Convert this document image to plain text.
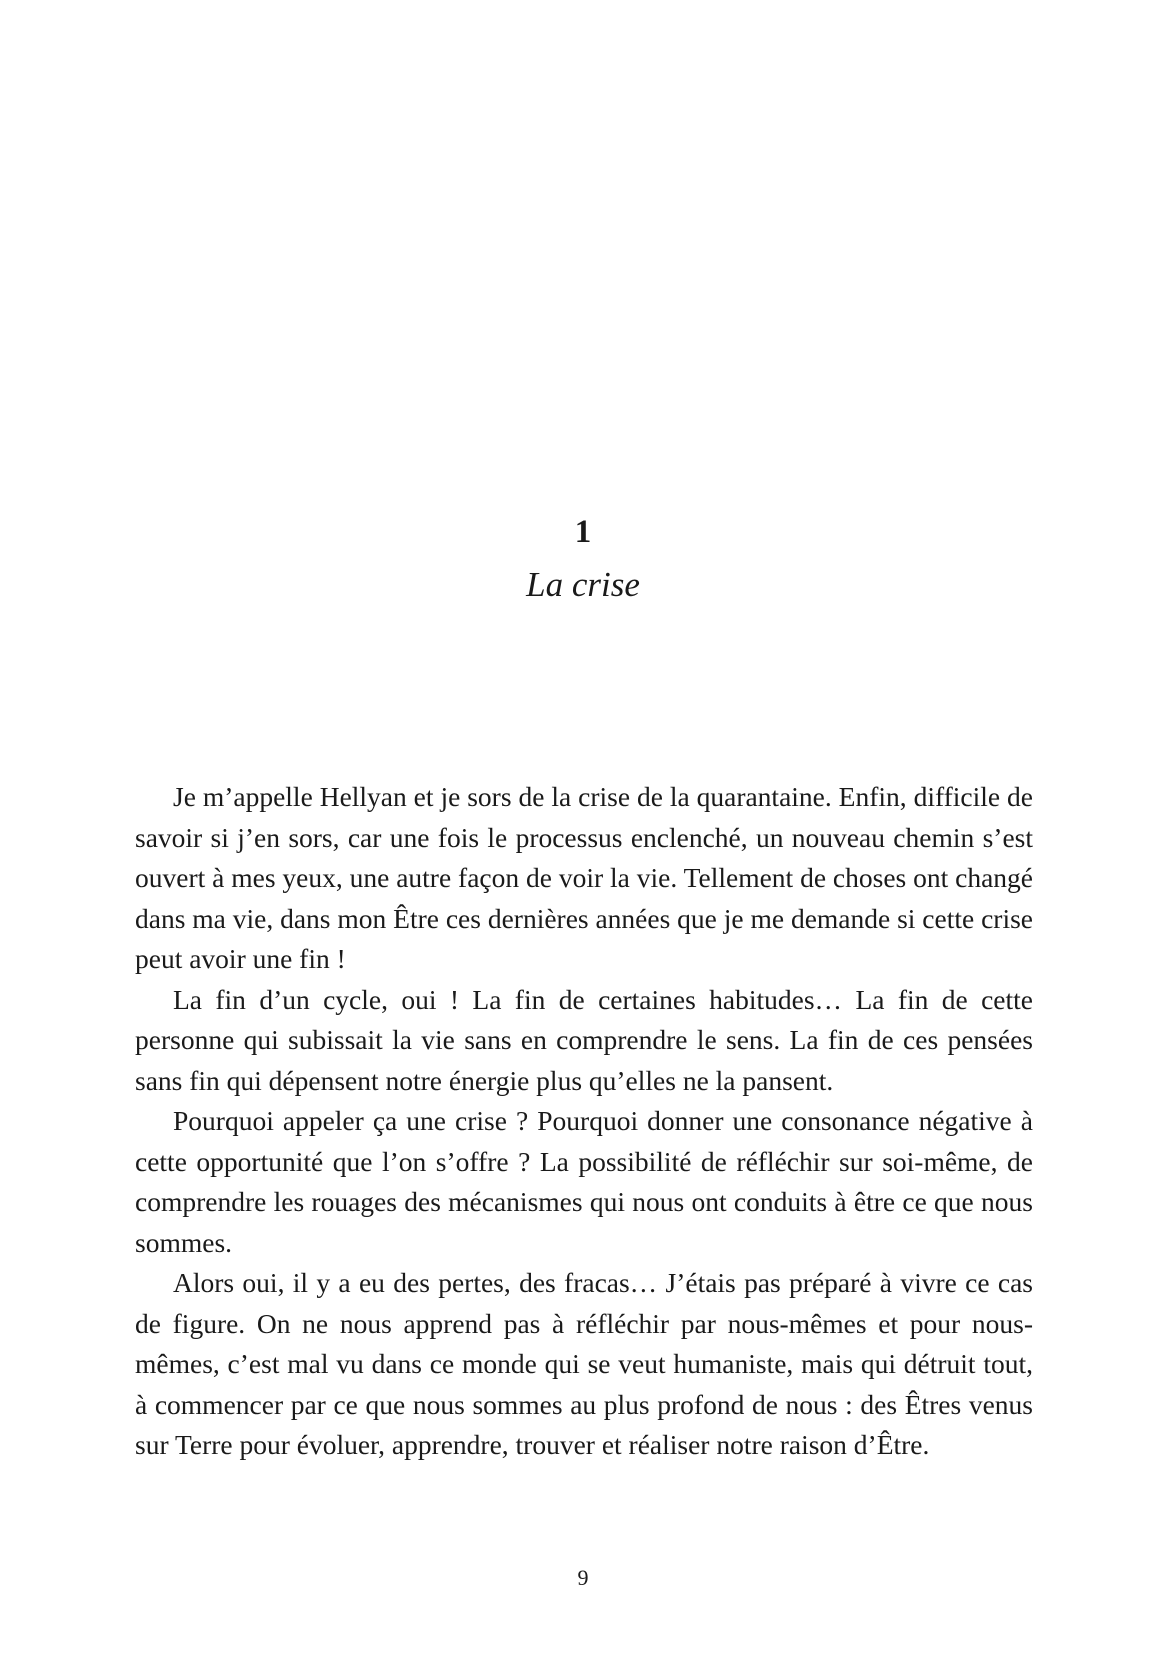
1
La crise

Je m’appelle Hellyan et je sors de la crise de la quarantaine. Enfin, difficile de savoir si j’en sors, car une fois le processus enclenché, un nouveau chemin s’est ouvert à mes yeux, une autre façon de voir la vie. Tellement de choses ont changé dans ma vie, dans mon Être ces dernières années que je me demande si cette crise peut avoir une fin !

La fin d’un cycle, oui ! La fin de certaines habitudes… La fin de cette personne qui subissait la vie sans en comprendre le sens. La fin de ces pensées sans fin qui dépensent notre énergie plus qu’elles ne la pansent.

Pourquoi appeler ça une crise ? Pourquoi donner une consonance négative à cette opportunité que l’on s’offre ? La possibilité de réfléchir sur soi-même, de comprendre les rouages des mécanismes qui nous ont conduits à être ce que nous sommes.

Alors oui, il y a eu des pertes, des fracas… J’étais pas préparé à vivre ce cas de figure. On ne nous apprend pas à réfléchir par nous-mêmes et pour nous-mêmes, c’est mal vu dans ce monde qui se veut humaniste, mais qui détruit tout, à commencer par ce que nous sommes au plus profond de nous : des Êtres venus sur Terre pour évoluer, apprendre, trouver et réaliser notre raison d’Être.

9
